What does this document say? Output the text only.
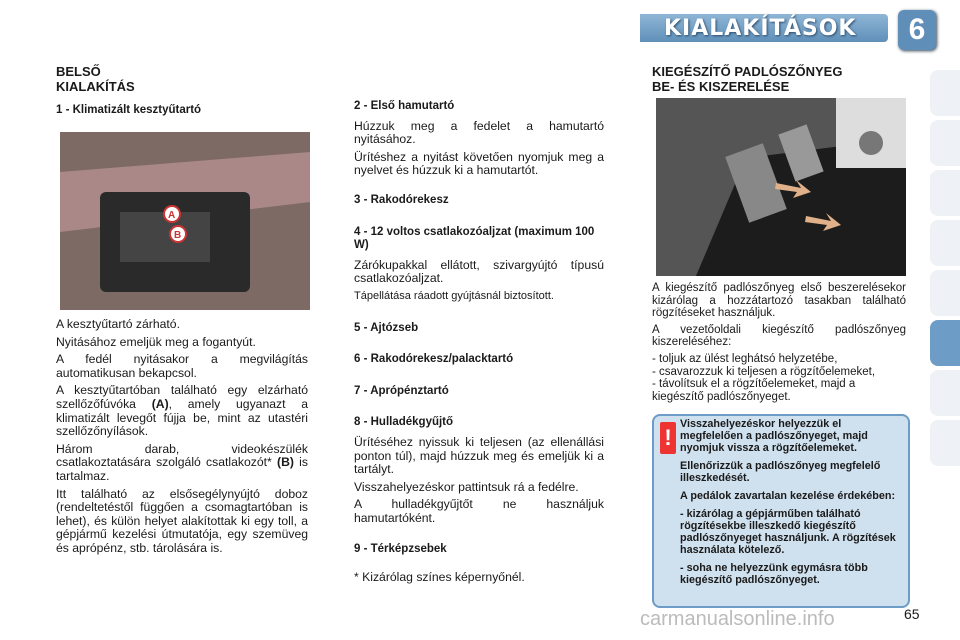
KIALAKÍTÁSOK	6
BELSŐ
KIALAKÍTÁS
1 - Klimatizált kesztyűtartó
A
B

A kesztyűtartó zárható.

Nyitásához emeljük meg a fogantyút.

A fedél nyitásakor a megvilágítás automatikusan bekapcsol.

A kesztyűtartóban található egy elzárható szellőzőfúvóka (A), amely ugyanazt a klimatizált levegőt fújja be, mint az utastéri szellőzőnyílások.

Három darab, videokészülék csatlakoztatására szolgáló csatlakozót* (B) is tartalmaz.

Itt található az elsősegélynyújtó doboz (rendeltetéstől függően a csomagtartóban is lehet), és külön helyet alakítottak ki egy toll, a gépjármű kezelési útmutatója, egy szemüveg és aprópénz, stb. tárolására is.

2 - Első hamutartó

Húzzuk meg a fedelet a hamutartó nyitásához.

Ürítéshez a nyitást követően nyomjuk meg a nyelvet és húzzuk ki a hamutartót.

3 - Rakodórekesz
4 - 12 voltos csatlakozóaljzat (maximum 100 W)

Zárókupakkal ellátott, szivargyújtó típusú csatlakozóaljzat.

Tápellátása ráadott gyújtásnál biztosított.

5 - Ajtózseb
6 - Rakodórekesz/palacktartó
7 - Aprópénztartó
8 - Hulladékgyűjtő

Ürítéséhez nyissuk ki teljesen (az ellenállási ponton túl), majd húzzuk meg és emeljük ki a tartályt.

Visszahelyezéskor pattintsuk rá a fedélre.

A hulladékgyűjtőt ne használjuk hamutartóként.

9 - Térképzsebek

* Kizárólag színes képernyőnél.

KIEGÉSZÍTŐ PADLÓSZŐNYEG
BE- ÉS KISZERELÉSE

A kiegészítő padlószőnyeg első beszerelésekor kizárólag a hozzátartozó tasakban található rögzítéseket használjuk.

A vezetőoldali kiegészítő padlószőnyeg kiszereléséhez:

- toljuk az ülést leghátsó helyzetébe,
- csavarozzuk ki teljesen a rögzítőelemeket,
- távolítsuk el a rögzítőelemeket, majd a kiegészítő padlószőnyeget.
!

Visszahelyezéskor helyezzük el megfelelően a padlószőnyeget, majd nyomjuk vissza a rögzítőelemeket.

Ellenőrizzük a padlószőnyeg megfelelő illeszkedését.

A pedálok zavartalan kezelése érdekében:

- kizárólag a gépjárműben található rögzítésekbe illeszkedő kiegészítő padlószőnyeget használjunk. A rögzítések használata kötelező.

- soha ne helyezzünk egymásra több kiegészítő padlószőnyeget.

65
carmanualsonline.info
